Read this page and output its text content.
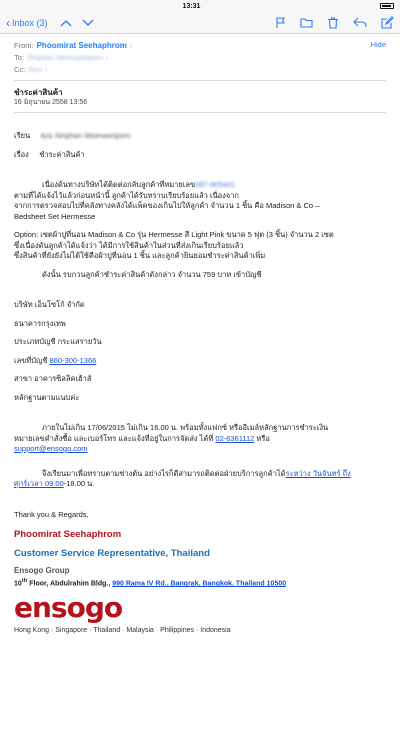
13:31
‹ Inbox (3)
From: Phoomirat Seehaphrom ›
To: Siriphan Weerasiriporn ›
Cc: thcs ›
Hide
ชำระค่าสินค้า
16 มิถุนายน 2558 13:56

เรียน คุณ Siriphan Weerasiriporn

เรื่อง ชำระค่าสินค้า

เนื่องด้นทางบริษัทได้ติดต่อกลับลูกค้าที่หมายเลข087-905431

ตามที่ได้แจ้งไว้แล้วก่อนหน้านี้ ลูกค้าได้รับทราบเรียบร้อยแล้ว เนื่องจาก

จากการตรวจสอบไปที่คลังทางคลังได้แพ็คของเกินไปให้ลูกค้า จำนวน 1 ชิ้น คือ Madison & Co –

Bedsheet Set Hermesse

Option: เซตผ้าปูที่นอน Madison & Co รุ่น Hermesse สี Light Pink ขนาด 5 ฟุต (3 ชิ้น) จำนวน 2 เซต

ซึ่งเนื่องดันลูกค้าได้แจ้งว่า ได้มีการใช้สินค้าในส่วนที่ส่งเกินเรียบร้อยแล้ว

ซึ่งสินค้าที่ยังยังไม่ได้ใช้คือผ้าปูที่นอน 1 ชิ้น และลูกค้ายินยอมชำระค่าสินค้าเพิ่ม

ดังนั้น รบกวนลูกค้าชำระค่าสินค้าดังกล่าว จำนวน 759 บาท เข้าบัญชี

บริษัท เอ็นโซโก้ จำกัด

ธนาคารกรุงเทพ

ประเภทบัญชี กระแสรายวัน

เลขที่บัญชี 860-300-1366

สาขา อาคารซิลลิคเฮ้าส์

หลักฐานตามแนบค่ะ

ภายในไม่เกิน 17/06/2015 ไม่เกิน 16.00 น. พร้อมทั้งแฟกซ์ หรืออีเมล์หลักฐานการชำระเงิน

หมายเลขคำสั่งซื้อ และเบอร์โทร และแจ้งที่อยู่ในการจัดส่ง ได้ที่ 02-6361112 หรือ

support@ensogo.com

จึงเรียนมาเพื่อทราบตามช่างต้น อย่างไรก็ดีสามารถติดต่อฝ่ายบริการลูกค้าได้ระหว่าง วันจันทร์ ถึง

ศุกร์เวลา 09.00-18.00 น.

Thank you & Regards,

Phoomirat Seehaphrom
Customer Service Representative, Thailand
Ensogo Group
10th Floor, Abdulrahim Bldg., 990 Rama IV Rd., Bangrak, Bangkok, Thailand 10500
ensogo
Hong Kong · Singapore · Thailand · Malaysia · Philippines · Indonesia
